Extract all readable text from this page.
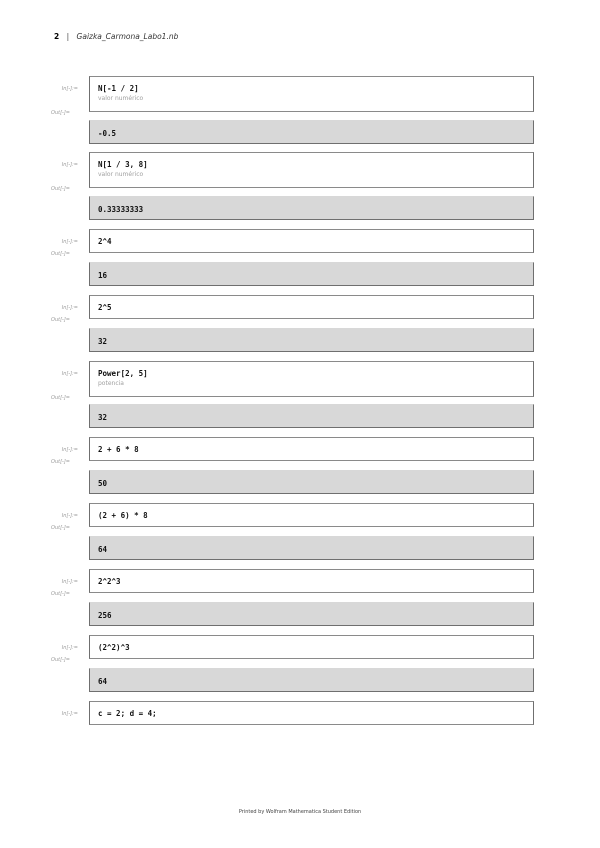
2 | Gaizka_Carmona_Labo1.nb
In[-]:=	N[-1 / 2]
valor numérico
Out[-]=
-0.5
In[-]:=	N[1 / 3, 8]
valor numérico
Out[-]=
0.33333333
In[-]:=	2^4
Out[-]=
16
In[-]:=	2^5
Out[-]=
32
In[-]:=	Power[2, 5]
potencia
Out[-]=
32
In[-]:=	2 + 6 * 8
Out[-]=
50
In[-]:=	(2 + 6) * 8
Out[-]=
64
In[-]:=	2^2^3
Out[-]=
256
In[-]:=	(2^2)^3
Out[-]=
64
In[-]:=	c = 2; d = 4;
Printed by Wolfram Mathematica Student Edition
